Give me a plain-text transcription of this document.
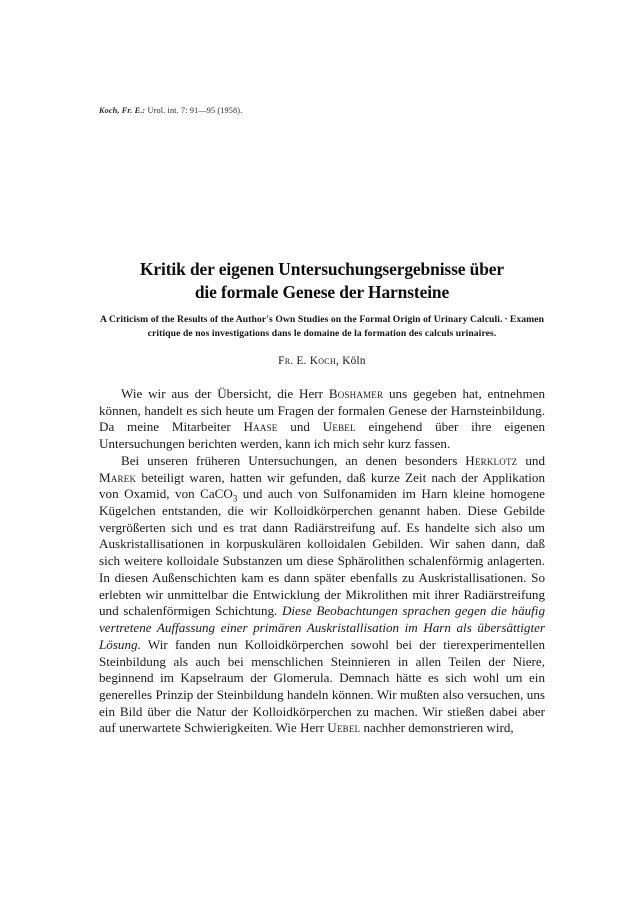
Koch, Fr. E.: Urol. int. 7: 91—95 (1958).
Kritik der eigenen Untersuchungsergebnisse über
die formale Genese der Harnsteine

A Criticism of the Results of the Author's Own Studies on the Formal Origin of Urinary Calculi. · Examen critique de nos investigations dans le domaine de la formation des calculs urinaires.

Fr. E. Koch, Köln

Wie wir aus der Übersicht, die Herr Boshamer uns gegeben hat, entnehmen können, handelt es sich heute um Fragen der formalen Genese der Harnsteinbildung. Da meine Mitarbeiter Haase und Uebel eingehend über ihre eigenen Untersuchungen berichten werden, kann ich mich sehr kurz fassen.

Bei unseren früheren Untersuchungen, an denen besonders Herklotz und Marek beteiligt waren, hatten wir gefunden, daß kurze Zeit nach der Applikation von Oxamid, von CaCO$_3$ und auch von Sulfonamiden im Harn kleine homogene Kügelchen entstanden, die wir Kolloidkörperchen genannt haben. Diese Gebilde vergrößerten sich und es trat dann Radiärstreifung auf. Es handelte sich also um Auskristallisationen in korpuskulären kolloidalen Gebilden. Wir sahen dann, daß sich weitere kolloidale Substanzen um diese Sphärolithen schalenförmig anlagerten. In diesen Außenschichten kam es dann später ebenfalls zu Auskristallisationen. So erlebten wir unmittelbar die Entwicklung der Mikrolithen mit ihrer Radiärstreifung und schalenförmigen Schichtung. Diese Beobachtungen sprachen gegen die häufig vertretene Auffassung einer primären Auskristallisation im Harn als übersättigter Lösung. Wir fanden nun Kolloidkörperchen sowohl bei der tierexperimentellen Steinbildung als auch bei menschlichen Steinnieren in allen Teilen der Niere, beginnend im Kapselraum der Glomerula. Demnach hätte es sich wohl um ein generelles Prinzip der Steinbildung handeln können. Wir mußten also versuchen, uns ein Bild über die Natur der Kolloidkörperchen zu machen. Wir stießen dabei aber auf unerwartete Schwierigkeiten. Wie Herr Uebel nachher demonstrieren wird,
